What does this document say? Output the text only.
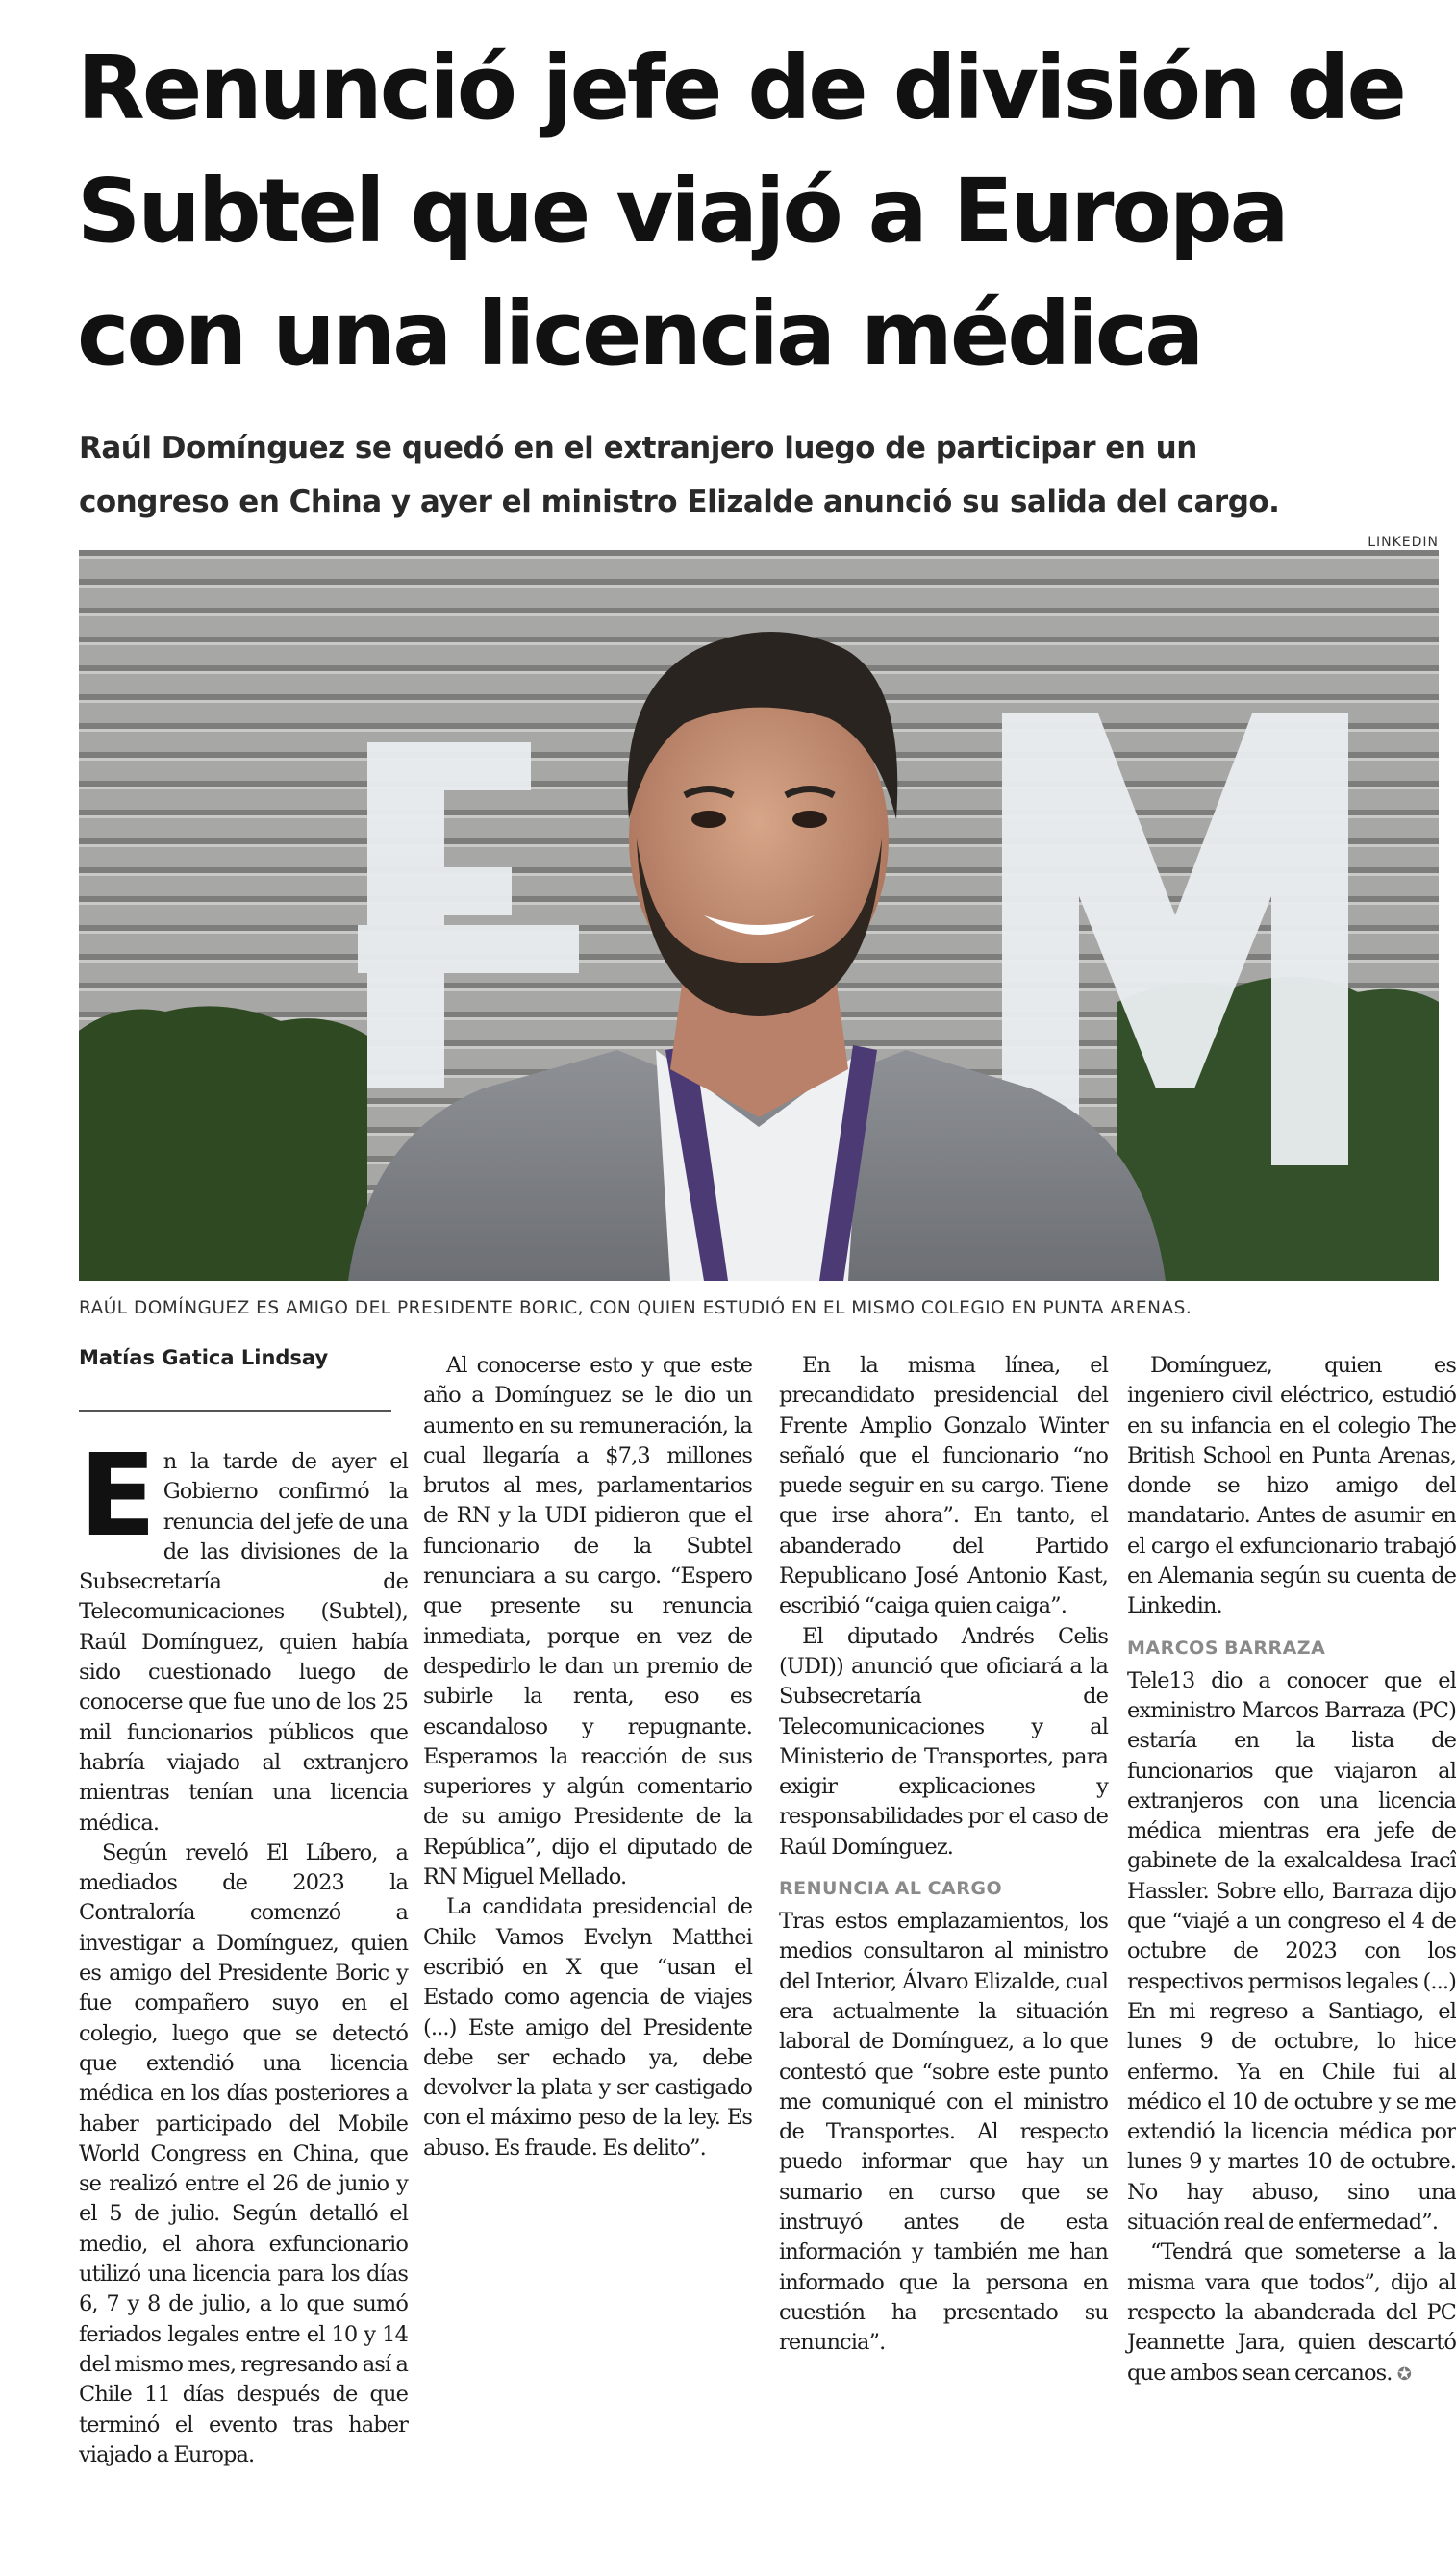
Renunció jefe de división de
Subtel que viajó a Europa
con una licencia médica
Raúl Domínguez se quedó en el extranjero luego de participar en un
congreso en China y ayer el ministro Elizalde anunció su salida del cargo.
LINKEDIN
RAÚL DOMÍNGUEZ ES AMIGO DEL PRESIDENTE BORIC, CON QUIEN ESTUDIÓ EN EL MISMO COLEGIO EN PUNTA ARENAS.
Matías Gatica Lindsay

En la tarde de ayer el Gobierno confirmó la renuncia del jefe de una de las divisiones de la Subsecretaría de Telecomunicaciones (Subtel), Raúl Domínguez, quien había sido cuestionado luego de conocerse que fue uno de los 25 mil funcionarios públicos que habría viajado al extranjero mientras tenían una licencia médica.

Según reveló El Líbero, a mediados de 2023 la Contraloría comenzó a investigar a Domínguez, quien es amigo del Presidente Boric y fue compañero suyo en el colegio, luego que se detectó que extendió una licencia médica en los días posteriores a haber participado del Mobile World Congress en China, que se realizó entre el 26 de junio y el 5 de julio. Según detalló el medio, el ahora exfuncionario utilizó una licencia para los días 6, 7 y 8 de julio, a lo que sumó feriados legales entre el 10 y 14 del mismo mes, regresando así a Chile 11 días después de que terminó el evento tras haber viajado a Europa.

Al conocerse esto y que este año a Domínguez se le dio un aumento en su remuneración, la cual llegaría a $7,3 millones brutos al mes, parlamentarios de RN y la UDI pidieron que el funcionario de la Subtel renunciara a su cargo. “Espero que presente su renuncia inmediata, porque en vez de despedirlo le dan un premio de subirle la renta, eso es escandaloso y repugnante. Esperamos la reacción de sus superiores y algún comentario de su amigo Presidente de la República”, dijo el diputado de RN Miguel Mellado.

La candidata presidencial de Chile Vamos Evelyn Matthei escribió en X que “usan el Estado como agencia de viajes (...) Este amigo del Presidente debe ser echado ya, debe devolver la plata y ser castigado con el máximo peso de la ley. Es abuso. Es fraude. Es delito”.

En la misma línea, el precandidato presidencial del Frente Amplio Gonzalo Winter señaló que el funcionario “no puede seguir en su cargo. Tiene que irse ahora”. En tanto, el abanderado del Partido Republicano José Antonio Kast, escribió “caiga quien caiga”.

El diputado Andrés Celis (UDI)) anunció que oficiará a la Subsecretaría de Telecomunicaciones y al Ministerio de Transportes, para exigir explicaciones y responsabilidades por el caso de Raúl Domínguez.

RENUNCIA AL CARGO

Tras estos emplazamientos, los medios consultaron al ministro del Interior, Álvaro Elizalde, cual era actualmente la situación laboral de Domínguez, a lo que contestó que “sobre este punto me comuniqué con el ministro de Transportes. Al respecto puedo informar que hay un sumario en curso que se instruyó antes de esta información y también me han informado que la persona en cuestión ha presentado su renuncia”.

Domínguez, quien es ingeniero civil eléctrico, estudió en su infancia en el colegio The British School en Punta Arenas, donde se hizo amigo del mandatario. Antes de asumir en el cargo el exfuncionario trabajó en Alemania según su cuenta de Linkedin.

MARCOS BARRAZA

Tele13 dio a conocer que el exministro Marcos Barraza (PC) estaría en la lista de funcionarios que viajaron al extranjeros con una licencia médica mientras era jefe de gabinete de la exalcaldesa Iracî Hassler. Sobre ello, Barraza dijo que “viajé a un congreso el 4 de octubre de 2023 con los respectivos permisos legales (...) En mi regreso a Santiago, el lunes 9 de octubre, lo hice enfermo. Ya en Chile fui al médico el 10 de octubre y se me extendió la licencia médica por lunes 9 y martes 10 de octubre. No hay abuso, sino una situación real de enfermedad”.

“Tendrá que someterse a la misma vara que todos”, dijo al respecto la abanderada del PC Jeannette Jara, quien descartó que ambos sean cercanos. ✪
